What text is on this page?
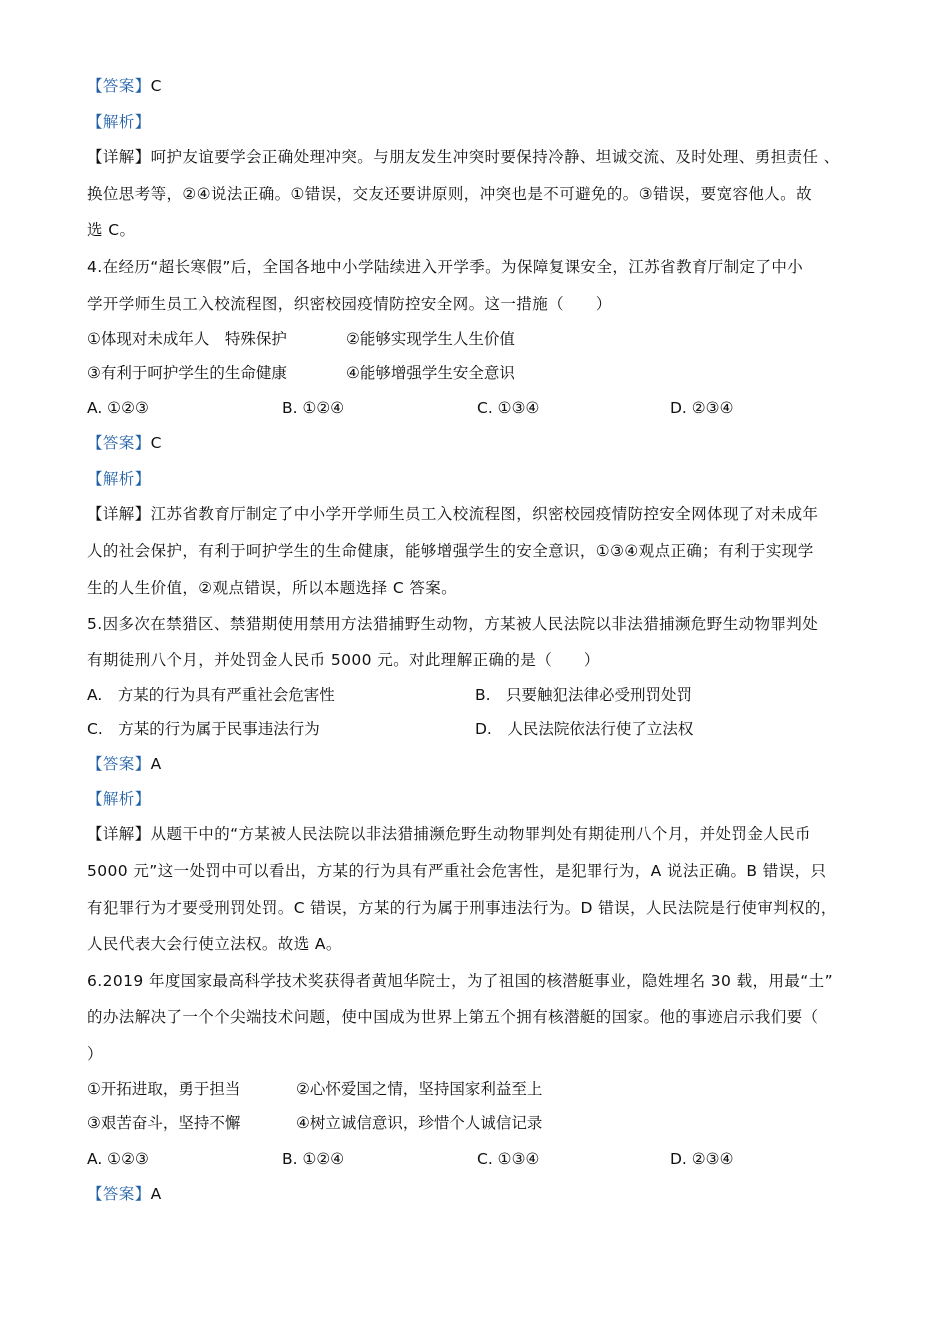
【答案】C
【解析】
【详解】呵护友谊要学会正确处理冲突。与朋友发生冲突时要保持冷静、坦诚交流、及时处理、勇担责任 、
换位思考等，②④说法正确。①错误，交友还要讲原则，冲突也是不可避免的。③错误，要宽容他人。故
选 C。
4.在经历“超长寒假”后，全国各地中小学陆续进入开学季。为保障复课安全，江苏省教育厅制定了中小
学开学师生员工入校流程图，织密校园疫情防控安全网。这一措施（　　）
①体现对未成年人　特殊保护	②能够实现学生人生价值
③有利于呵护学生的生命健康	④能够增强学生安全意识
A. ①②③	B. ①②④	C. ①③④	D. ②③④
【答案】C
【解析】
【详解】江苏省教育厅制定了中小学开学师生员工入校流程图，织密校园疫情防控安全网体现了对未成年
人的社会保护，有利于呵护学生的生命健康，能够增强学生的安全意识，①③④观点正确；有利于实现学
生的人生价值，②观点错误，所以本题选择 C 答案。
5.因多次在禁猎区、禁猎期使用禁用方法猎捕野生动物，方某被人民法院以非法猎捕濒危野生动物罪判处
有期徒刑八个月，并处罚金人民币 5000 元。对此理解正确的是（　　）
A.　方某的行为具有严重社会危害性	B.　只要触犯法律必受刑罚处罚
C.　方某的行为属于民事违法行为	D.　人民法院依法行使了立法权
【答案】A
【解析】
【详解】从题干中的“方某被人民法院以非法猎捕濒危野生动物罪判处有期徒刑八个月，并处罚金人民币
5000 元”这一处罚中可以看出，方某的行为具有严重社会危害性，是犯罪行为，A 说法正确。B 错误，只
有犯罪行为才要受刑罚处罚。C 错误，方某的行为属于刑事违法行为。D 错误，人民法院是行使审判权的，
人民代表大会行使立法权。故选 A。
6.2019 年度国家最高科学技术奖获得者黄旭华院士，为了祖国的核潜艇事业，隐姓埋名 30 载，用最“土”
的办法解决了一个个尖端技术问题，使中国成为世界上第五个拥有核潜艇的国家。他的事迹启示我们要（
）
①开拓进取，勇于担当	②心怀爱国之情，坚持国家利益至上
③艰苦奋斗，坚持不懈	④树立诚信意识，珍惜个人诚信记录
A. ①②③	B. ①②④	C. ①③④	D. ②③④
【答案】A
